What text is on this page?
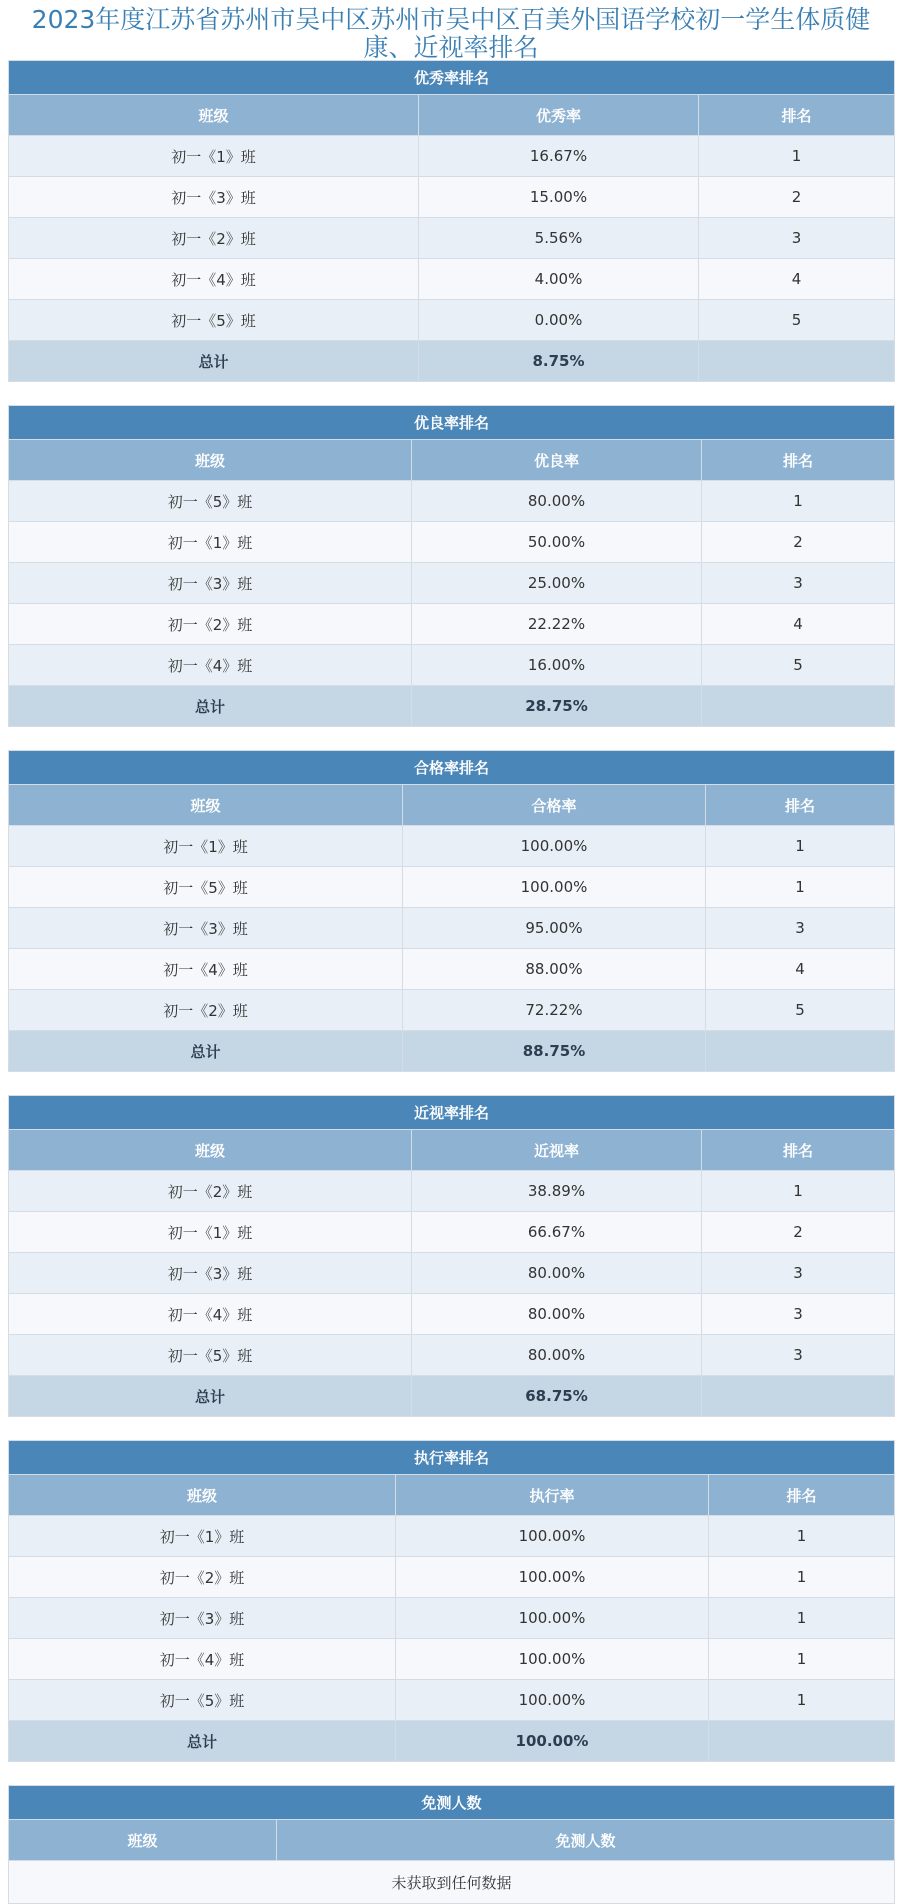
2023年度江苏省苏州市吴中区苏州市吴中区百美外国语学校初一学生体质健康、近视率排名
优秀率排名		
班级	优秀率	排名
初一《1》班	16.67%	1
初一《3》班	15.00%	2
初一《2》班	5.56%	3
初一《4》班	4.00%	4
初一《5》班	0.00%	5
总计	8.75%	
优良率排名		
班级	优良率	排名
初一《5》班	80.00%	1
初一《1》班	50.00%	2
初一《3》班	25.00%	3
初一《2》班	22.22%	4
初一《4》班	16.00%	5
总计	28.75%	
合格率排名		
班级	合格率	排名
初一《1》班	100.00%	1
初一《5》班	100.00%	1
初一《3》班	95.00%	3
初一《4》班	88.00%	4
初一《2》班	72.22%	5
总计	88.75%	
近视率排名		
班级	近视率	排名
初一《2》班	38.89%	1
初一《1》班	66.67%	2
初一《3》班	80.00%	3
初一《4》班	80.00%	3
初一《5》班	80.00%	3
总计	68.75%	
执行率排名		
班级	执行率	排名
初一《1》班	100.00%	1
初一《2》班	100.00%	1
初一《3》班	100.00%	1
初一《4》班	100.00%	1
初一《5》班	100.00%	1
总计	100.00%	
免测人数
班级	免测人数
未获取到任何数据
